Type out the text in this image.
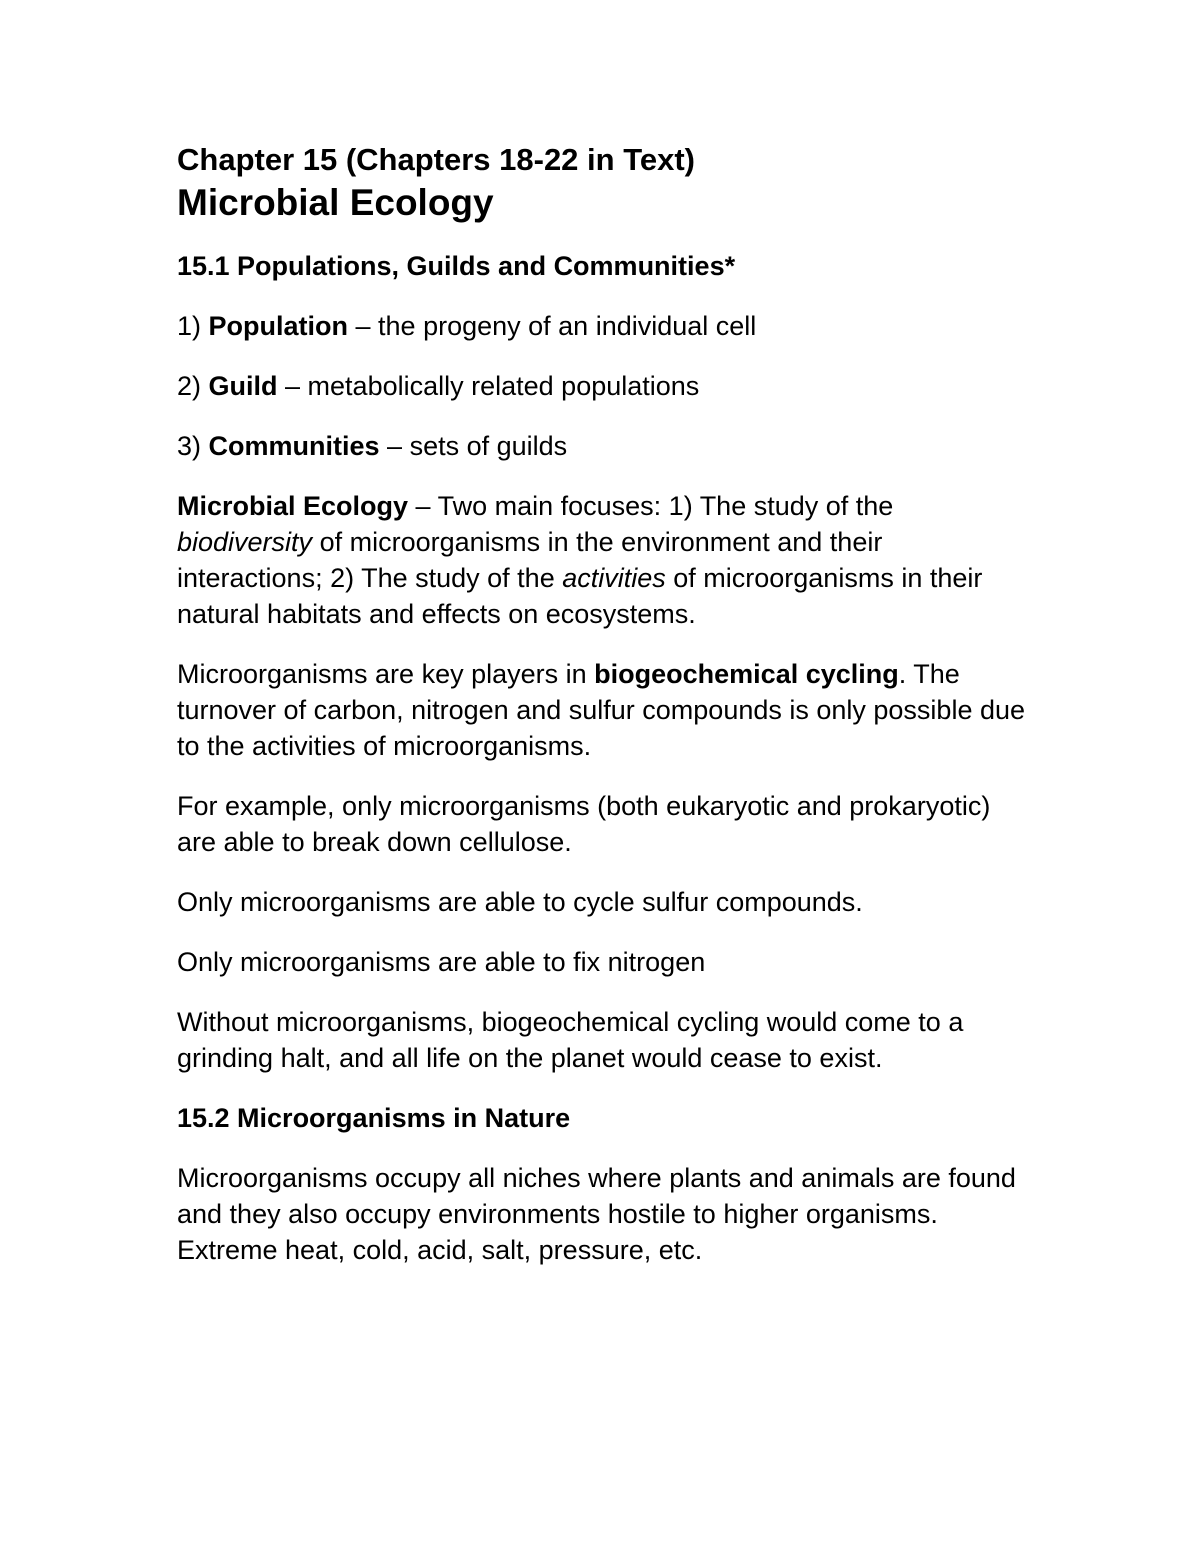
Chapter 15 (Chapters 18-22 in Text)
Microbial Ecology
15.1 Populations, Guilds and Communities*

1) Population – the progeny of an individual cell

2) Guild – metabolically related populations

3) Communities – sets of guilds

Microbial Ecology – Two main focuses: 1) The study of the biodiversity of microorganisms in the environment and their interactions; 2) The study of the activities of microorganisms in their natural habitats and effects on ecosystems.

Microorganisms are key players in biogeochemical cycling. The turnover of carbon, nitrogen and sulfur compounds is only possible due to the activities of microorganisms.

For example, only microorganisms (both eukaryotic and prokaryotic) are able to break down cellulose.

Only microorganisms are able to cycle sulfur compounds.

Only microorganisms are able to fix nitrogen

Without microorganisms, biogeochemical cycling would come to a grinding halt, and all life on the planet would cease to exist.

15.2 Microorganisms in Nature

Microorganisms occupy all niches where plants and animals are found and they also occupy environments hostile to higher organisms. Extreme heat, cold, acid, salt, pressure, etc.
